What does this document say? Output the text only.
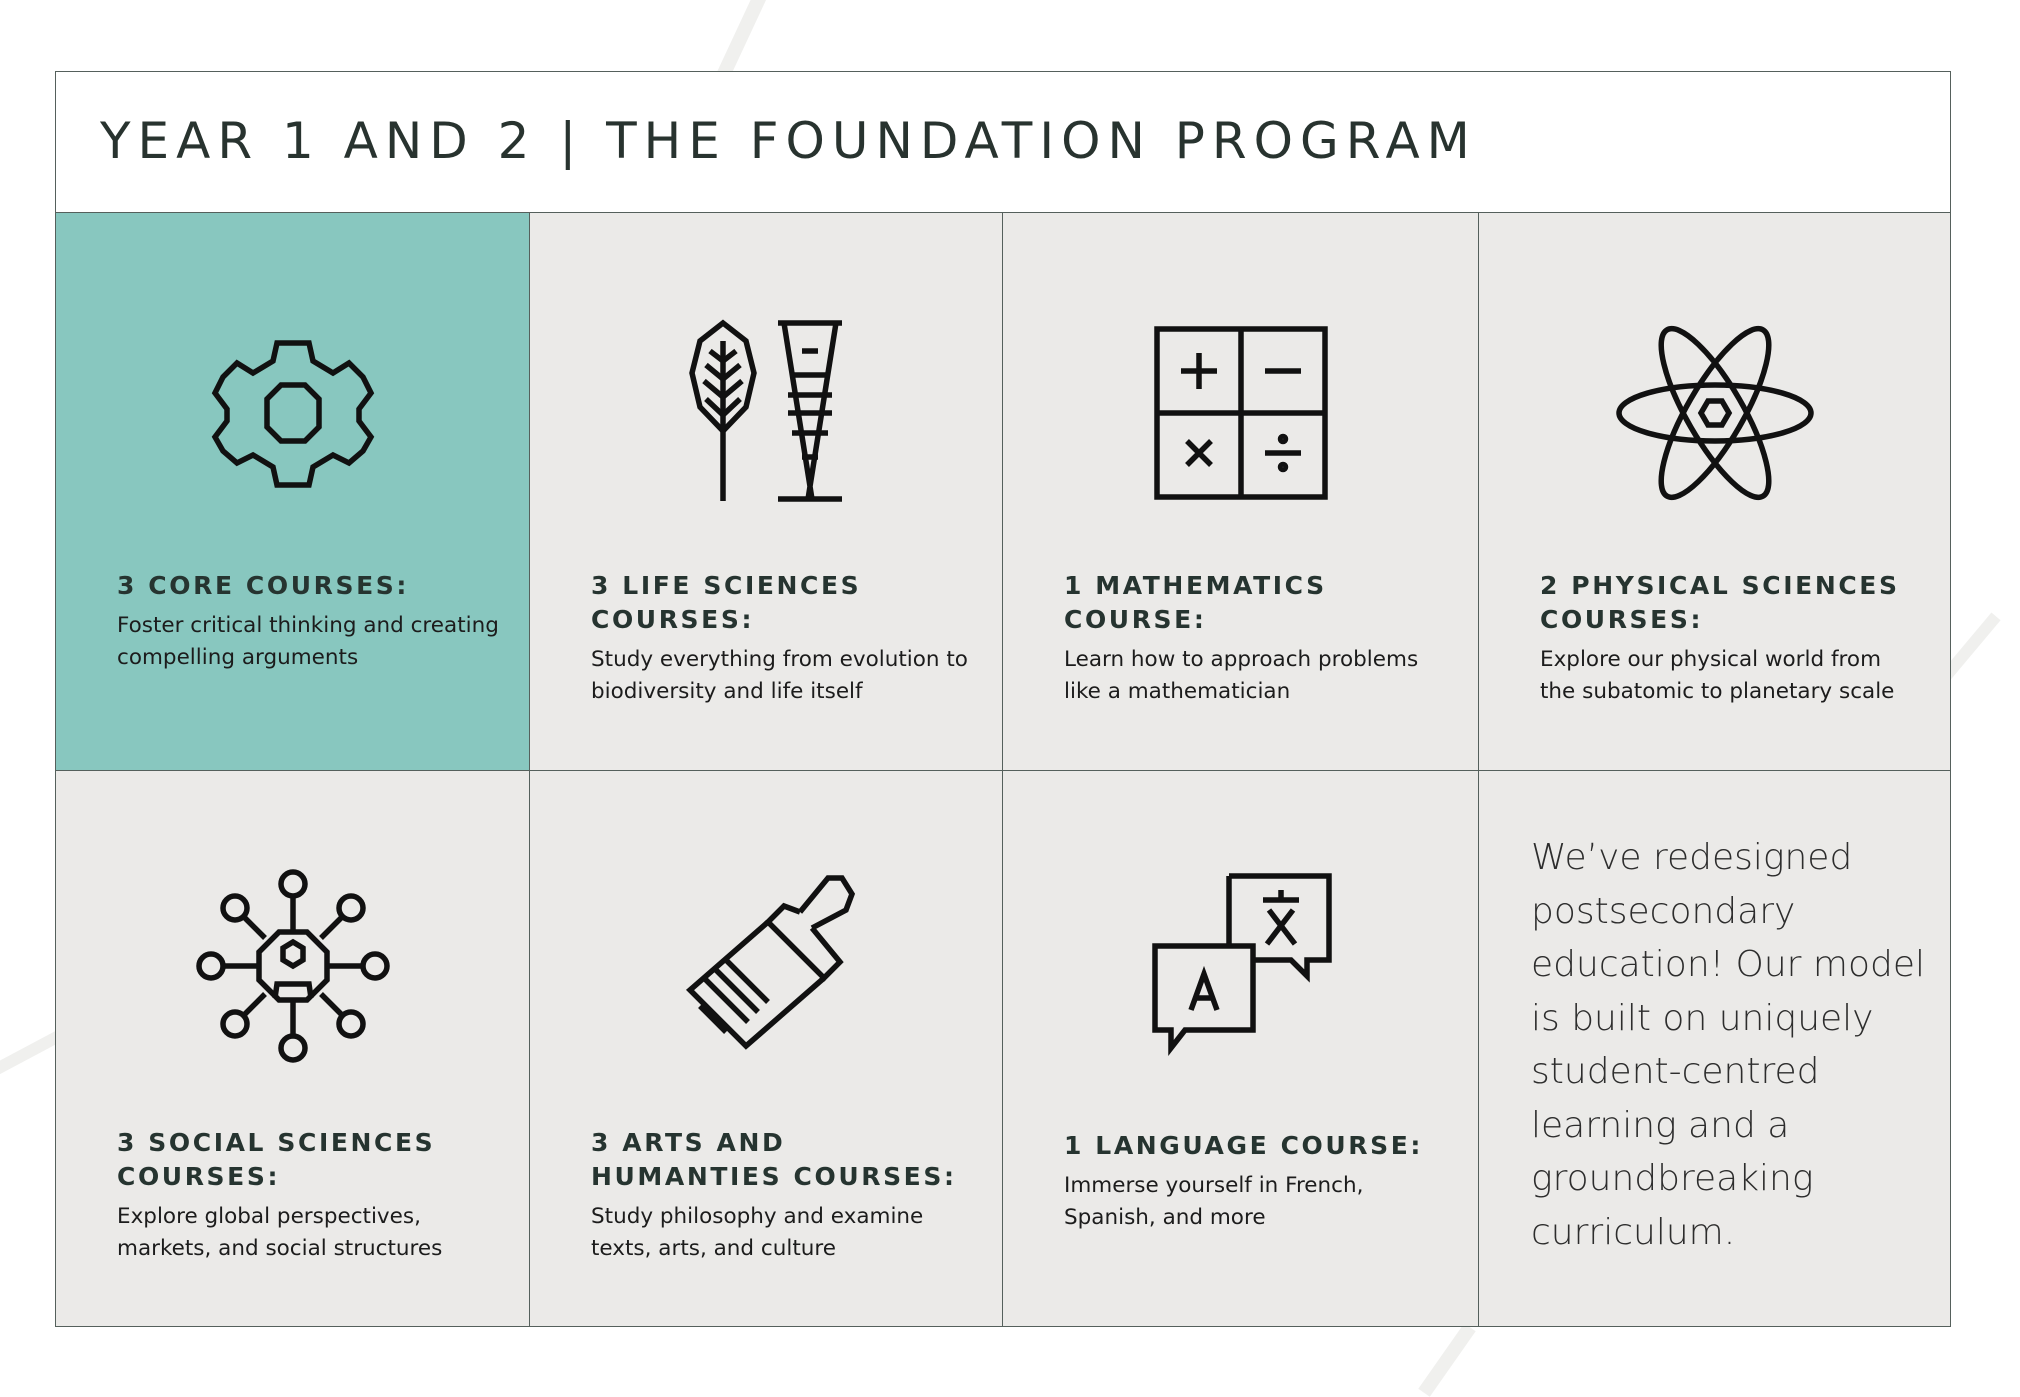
YEAR 1 AND 2 | THE FOUNDATION PROGRAM
3 CORE COURSES:
Foster critical thinking and creating compelling arguments
3 LIFE SCIENCES COURSES:
Study everything from evolution to biodiversity and life itself
1 MATHEMATICS COURSE:
Learn how to approach problems like a mathematician
2 PHYSICAL SCIENCES COURSES:
Explore our physical world from the subatomic to planetary scale
3 SOCIAL SCIENCES COURSES:
Explore global perspectives, markets, and social structures
3 ARTS AND HUMANTIES COURSES:
Study philosophy and examine texts, arts, and culture
1 LANGUAGE COURSE:
Immerse yourself in French, Spanish, and more
We’ve redesigned postsecondary education! Our model is built on uniquely student-centred learning and a groundbreaking curriculum.
